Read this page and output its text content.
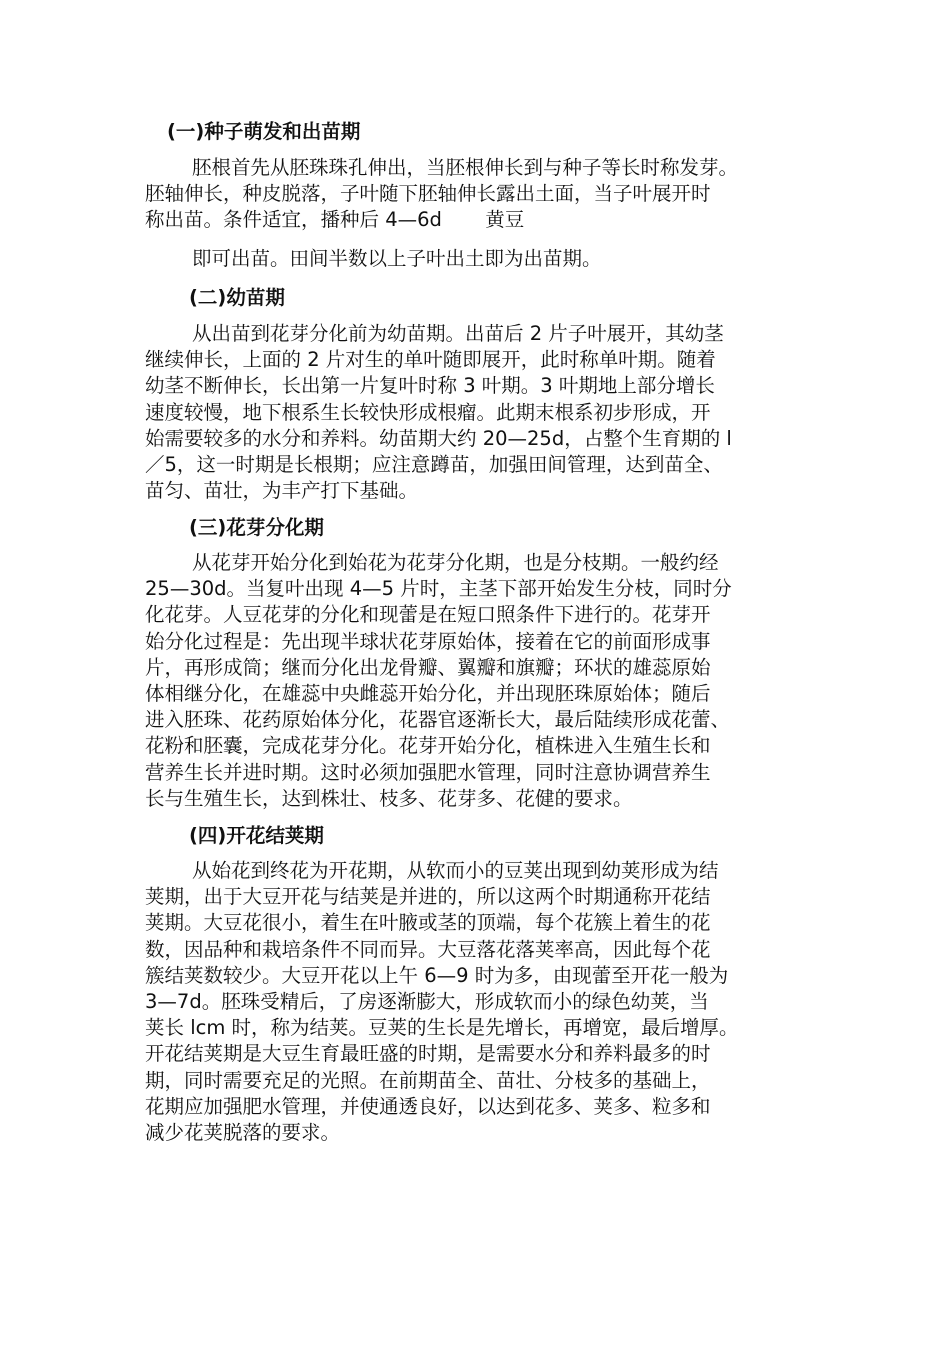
(一)种子萌发和出苗期
胚根首先从胚珠珠孔伸出，当胚根伸长到与种子等长时称发芽。
胚轴伸长，种皮脱落，子叶随下胚轴伸长露出土面，当子叶展开时
称出苗。条件适宜，播种后 4—6d       黄豆
即可出苗。田间半数以上子叶出土即为出苗期。
(二)幼苗期
从出苗到花芽分化前为幼苗期。出苗后 2 片子叶展开，其幼茎
继续伸长，上面的 2 片对生的单叶随即展开，此时称单叶期。随着
幼茎不断伸长，长出第一片复叶时称 3 叶期。3 叶期地上部分增长
速度较慢，地下根系生长较快形成根瘤。此期末根系初步形成，开
始需要较多的水分和养料。幼苗期大约 20—25d，占整个生育期的 l
／5，这一时期是长根期；应注意蹲苗，加强田间管理，达到苗全、
苗匀、苗壮，为丰产打下基础。
(三)花芽分化期
从花芽开始分化到始花为花芽分化期，也是分枝期。一般约经
25—30d。当复叶出现 4—5 片时，主茎下部开始发生分枝，同时分
化花芽。人豆花芽的分化和现蕾是在短口照条件下进行的。花芽开
始分化过程是：先出现半球状花芽原始体，接着在它的前面形成事
片，再形成筒；继而分化出龙骨瓣、翼瓣和旗瓣；环状的雄蕊原始
体相继分化，在雄蕊中央雌蕊开始分化，并出现胚珠原始体；随后
进入胚珠、花药原始体分化，花器官逐渐长大，最后陆续形成花蕾、
花粉和胚囊，完成花芽分化。花芽开始分化，植株进入生殖生长和
营养生长并进时期。这时必须加强肥水管理，同时注意协调营养生
长与生殖生长，达到株壮、枝多、花芽多、花健的要求。
(四)开花结荚期
从始花到终花为开花期，从软而小的豆荚出现到幼荚形成为结
荚期，出于大豆开花与结荚是并进的，所以这两个时期通称开花结
荚期。大豆花很小，着生在叶腋或茎的顶端，每个花簇上着生的花
数，因品种和栽培条件不同而异。大豆落花落荚率高，因此每个花
簇结荚数较少。大豆开花以上午 6—9 时为多，由现蕾至开花一般为
3—7d。胚珠受精后，了房逐渐膨大，形成软而小的绿色幼荚，当
荚长 lcm 时，称为结荚。豆荚的生长是先增长，再增宽，最后增厚。
开花结荚期是大豆生育最旺盛的时期，是需要水分和养料最多的时
期，同时需要充足的光照。在前期苗全、苗壮、分枝多的基础上，
花期应加强肥水管理，并使通透良好，以达到花多、荚多、粒多和
减少花荚脱落的要求。
